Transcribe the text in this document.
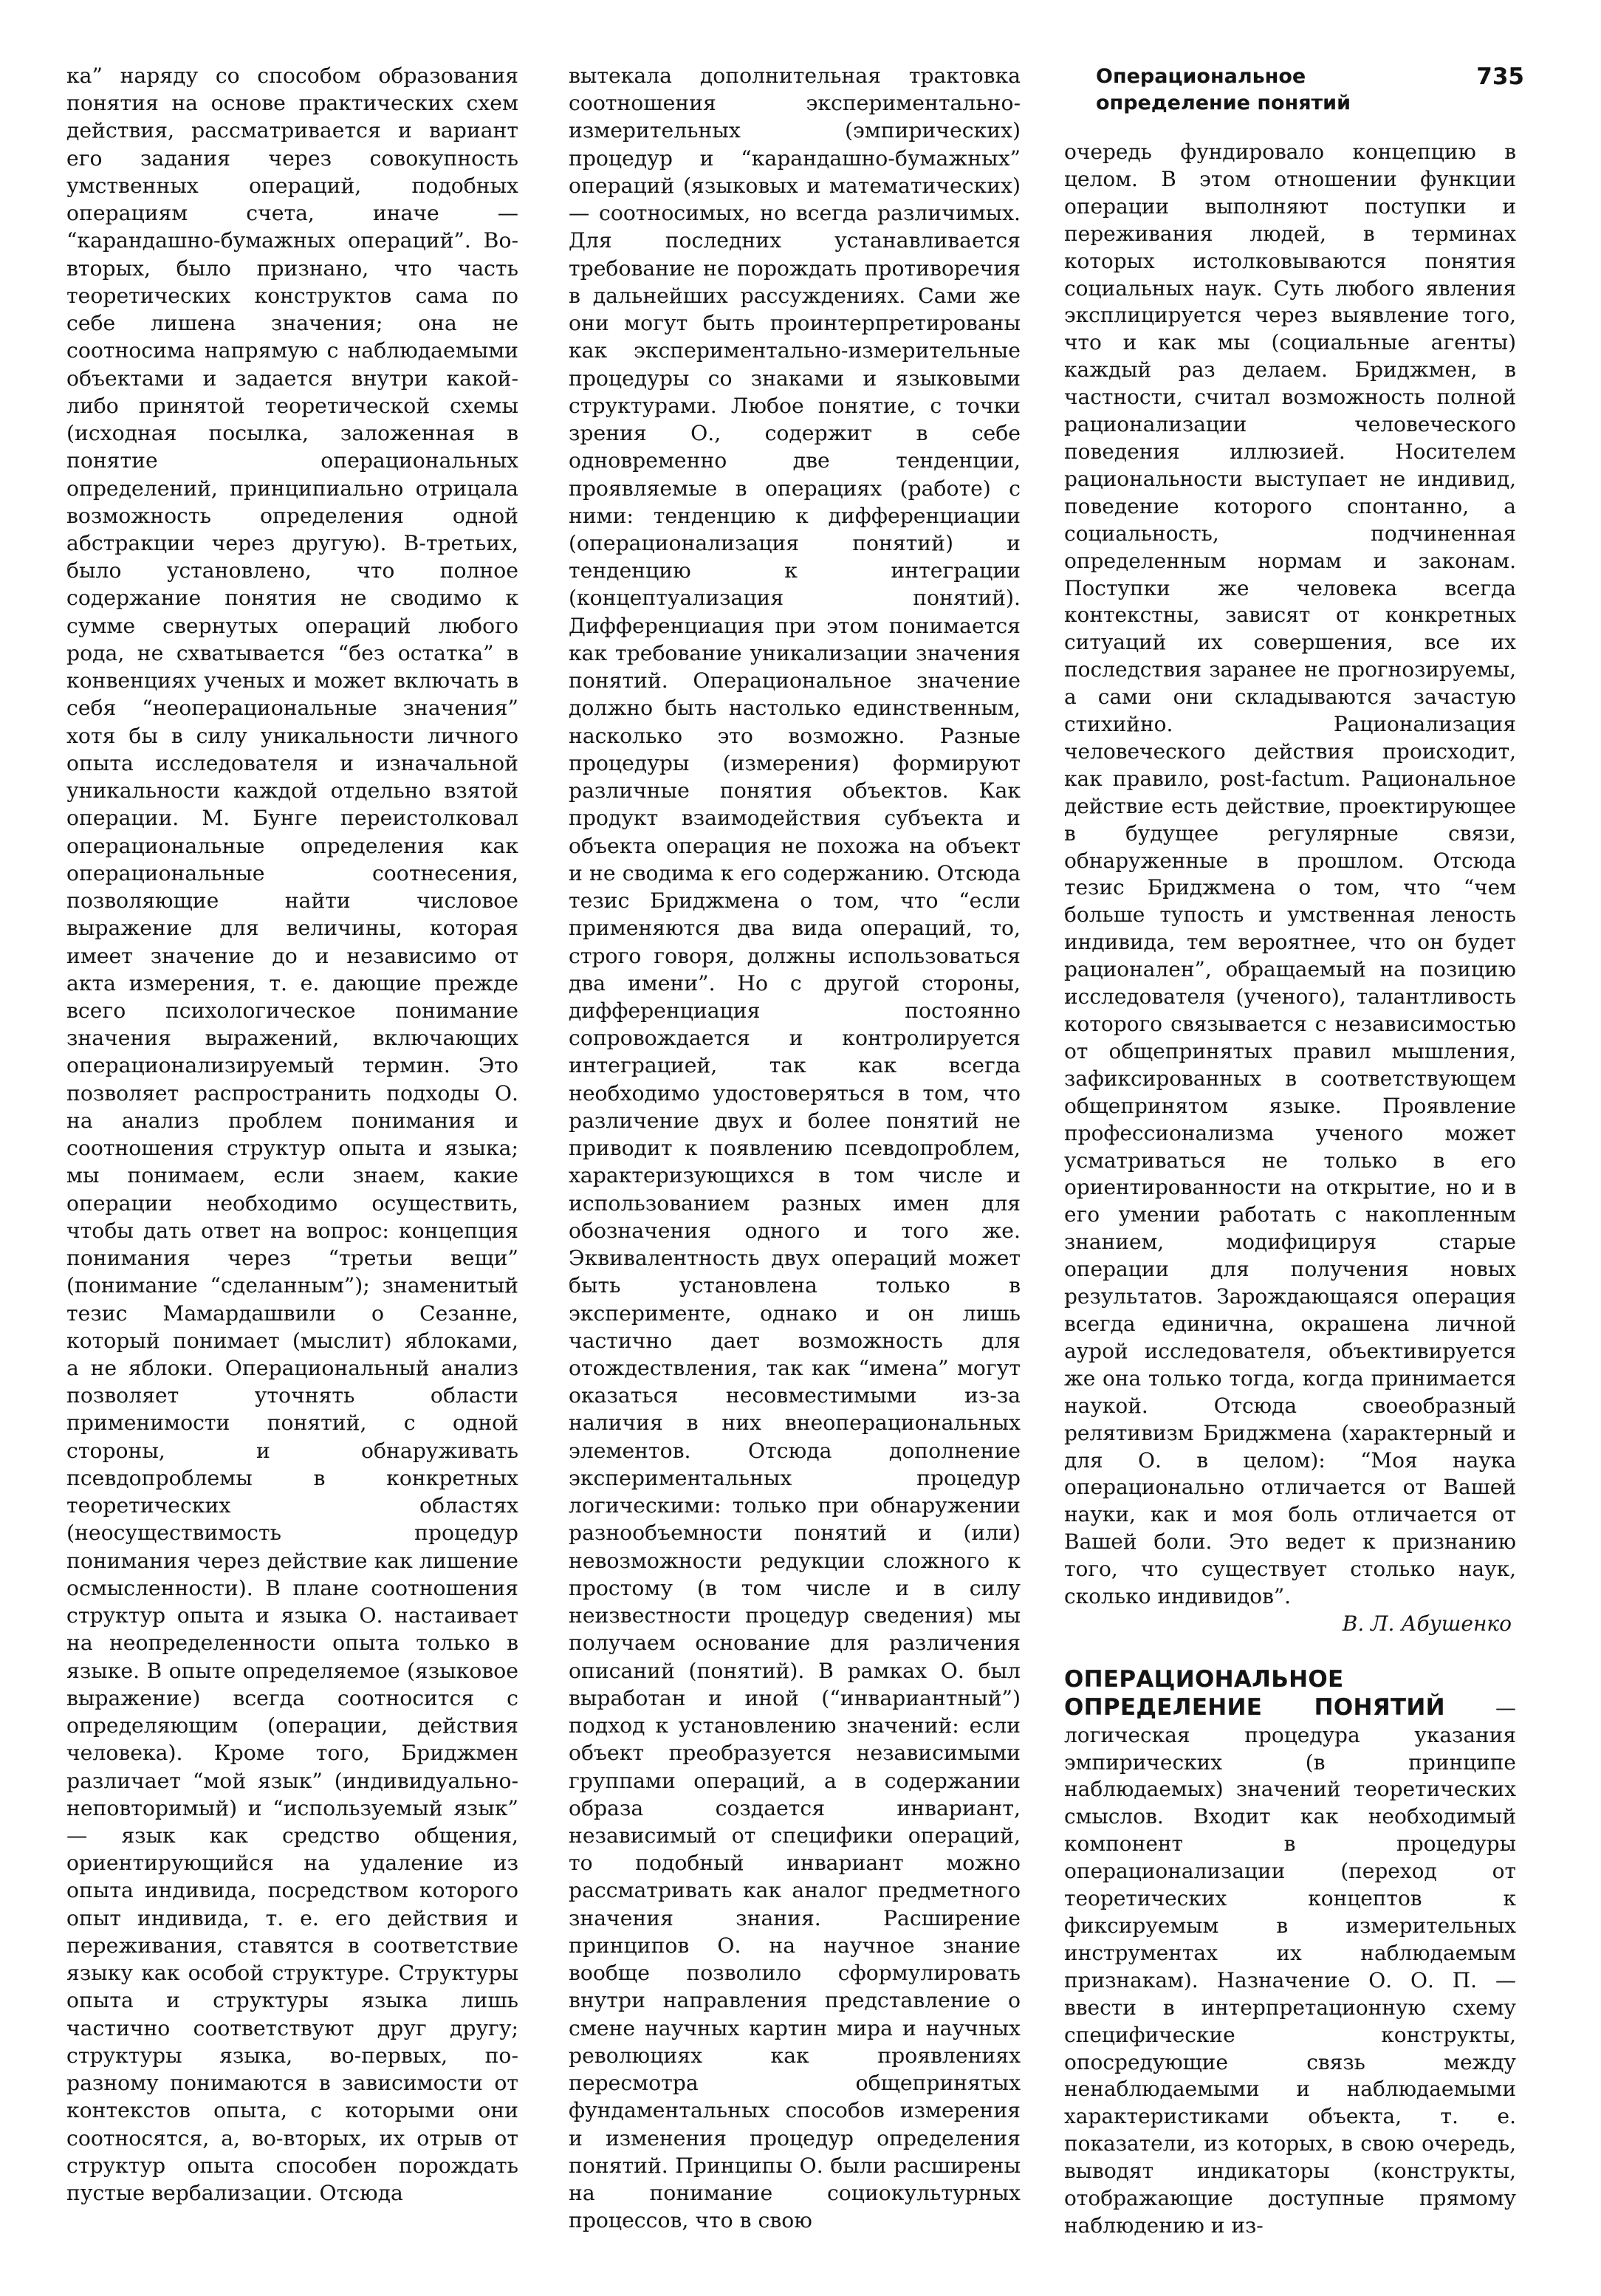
Операциональное определение понятий
735

ка” наряду со способом образования понятия на основе практических схем действия, рассматривается и вариант его задания через совокупность умственных операций, подобных операциям счета, иначе — “карандашно-бумажных операций”. Во-вторых, было признано, что часть теоретических конструктов сама по себе лишена значения; она не соотносима напрямую с наблюдаемыми объектами и задается внутри какой-либо принятой теоретической схемы (исходная посылка, заложенная в понятие операциональных определений, принципиально отрицала возможность определения одной абстракции через другую). В-третьих, было установлено, что полное содержание понятия не сводимо к сумме свернутых операций любого рода, не схватывается “без остатка” в конвенциях ученых и может включать в себя “неоперациональные значения” хотя бы в силу уникальности личного опыта исследователя и изначальной уникальности каждой отдельно взятой операции. М. Бунге переистолковал операциональные определения как операциональные соотнесения, позволяющие найти числовое выражение для величины, которая имеет значение до и независимо от акта измерения, т. е. дающие прежде всего психологическое понимание значения выражений, включающих операционализируемый термин. Это позволяет распространить подходы О. на анализ проблем понимания и соотношения структур опыта и языка; мы понимаем, если знаем, какие операции необходимо осуществить, чтобы дать ответ на вопрос: концепция понимания через “третьи вещи” (понимание “сделанным”); знаменитый тезис Мамардашвили о Сезанне, который понимает (мыслит) яблоками, а не яблоки. Операциональный анализ позволяет уточнять области применимости понятий, с одной стороны, и обнаруживать псевдопроблемы в конкретных теоретических областях (неосуществимость процедур понимания через действие как лишение осмысленности). В плане соотношения структур опыта и языка О. настаивает на неопределенности опыта только в языке. В опыте определяемое (языковое выражение) всегда соотносится с определяющим (операции, действия человека). Кроме того, Бриджмен различает “мой язык” (индивидуально-неповторимый) и “используемый язык” — язык как средство общения, ориентирующийся на удаление из опыта индивида, посредством которого опыт индивида, т. е. его действия и переживания, ставятся в соответствие языку как особой структуре. Структуры опыта и структуры языка лишь частично соответствуют друг другу; структуры языка, во-первых, по-разному понимаются в зависимости от контекстов опыта, с которыми они соотносятся, а, во-вторых, их отрыв от структур опыта способен порождать пустые вербализации. Отсюда

вытекала дополнительная трактовка соотношения экспериментально-измерительных (эмпирических) процедур и “карандашно-бумажных” операций (языковых и математических) — соотносимых, но всегда различимых. Для последних устанавливается требование не порождать противоречия в дальнейших рассуждениях. Сами же они могут быть проинтерпретированы как экспериментально-измерительные процедуры со знаками и языковыми структурами. Любое понятие, с точки зрения О., содержит в себе одновременно две тенденции, проявляемые в операциях (работе) с ними: тенденцию к дифференциации (операционализация понятий) и тенденцию к интеграции (концептуализация понятий). Дифференциация при этом понимается как требование уникализации значения понятий. Операциональное значение должно быть настолько единственным, насколько это возможно. Разные процедуры (измерения) формируют различные понятия объектов. Как продукт взаимодействия субъекта и объекта операция не похожа на объект и не сводима к его содержанию. Отсюда тезис Бриджмена о том, что “если применяются два вида операций, то, строго говоря, должны использоваться два имени”. Но с другой стороны, дифференциация постоянно сопровождается и контролируется интеграцией, так как всегда необходимо удостоверяться в том, что различение двух и более понятий не приводит к появлению псевдопроблем, характеризующихся в том числе и использованием разных имен для обозначения одного и того же. Эквивалентность двух операций может быть установлена только в эксперименте, однако и он лишь частично дает возможность для отождествления, так как “имена” могут оказаться несовместимыми из-за наличия в них внеоперациональных элементов. Отсюда дополнение экспериментальных процедур логическими: только при обнаружении разнообъемности понятий и (или) невозможности редукции сложного к простому (в том числе и в силу неизвестности процедур сведения) мы получаем основание для различения описаний (понятий). В рамках О. был выработан и иной (“инвариантный”) подход к установлению значений: если объект преобразуется независимыми группами операций, а в содержании образа создается инвариант, независимый от специфики операций, то подобный инвариант можно рассматривать как аналог предметного значения знания. Расширение принципов О. на научное знание вообще позволило сформулировать внутри направления представление о смене научных картин мира и научных революциях как проявлениях пересмотра общепринятых фундаментальных способов измерения и изменения процедур определения понятий. Принципы О. были расширены на понимание социокультурных процессов, что в свою

очередь фундировало концепцию в целом. В этом отношении функции операции выполняют поступки и переживания людей, в терминах которых истолковываются понятия социальных наук. Суть любого явления эксплицируется через выявление того, что и как мы (социальные агенты) каждый раз делаем. Бриджмен, в частности, считал возможность полной рационализации человеческого поведения иллюзией. Носителем рациональности выступает не индивид, поведение которого спонтанно, а социальность, подчиненная определенным нормам и законам. Поступки же человека всегда контекстны, зависят от конкретных ситуаций их совершения, все их последствия заранее не прогнозируемы, а сами они складываются зачастую стихийно. Рационализация человеческого действия происходит, как правило, post-factum. Рациональное действие есть действие, проектирующее в будущее регулярные связи, обнаруженные в прошлом. Отсюда тезис Бриджмена о том, что “чем больше тупость и умственная леность индивида, тем вероятнее, что он будет рационален”, обращаемый на позицию исследователя (ученого), талантливость которого связывается с независимостью от общепринятых правил мышления, зафиксированных в соответствующем общепринятом языке. Проявление профессионализма ученого может усматриваться не только в его ориентированности на открытие, но и в его умении работать с накопленным знанием, модифицируя старые операции для получения новых результатов. Зарождающаяся операция всегда единична, окрашена личной аурой исследователя, объективируется же она только тогда, когда принимается наукой. Отсюда своеобразный релятивизм Бриджмена (характерный и для О. в целом): “Моя наука операционально отличается от Вашей науки, как и моя боль отличается от Вашей боли. Это ведет к признанию того, что существует столько наук, сколько индивидов”.

В. Л. Абушенко

ОПЕРАЦИОНАЛЬНОЕ ОПРЕДЕЛЕНИЕ ПОНЯТИЙ — логическая процедура указания эмпирических (в принципе наблюдаемых) значений теоретических смыслов. Входит как необходимый компонент в процедуры операционализации (переход от теоретических концептов к фиксируемым в измерительных инструментах их наблюдаемым признакам). Назначение О. О. П. — ввести в интерпретационную схему специфические конструкты, опосредующие связь между ненаблюдаемыми и наблюдаемыми характеристиками объекта, т. е. показатели, из которых, в свою очередь, выводят индикаторы (конструкты, отображающие доступные прямому наблюдению и из-
